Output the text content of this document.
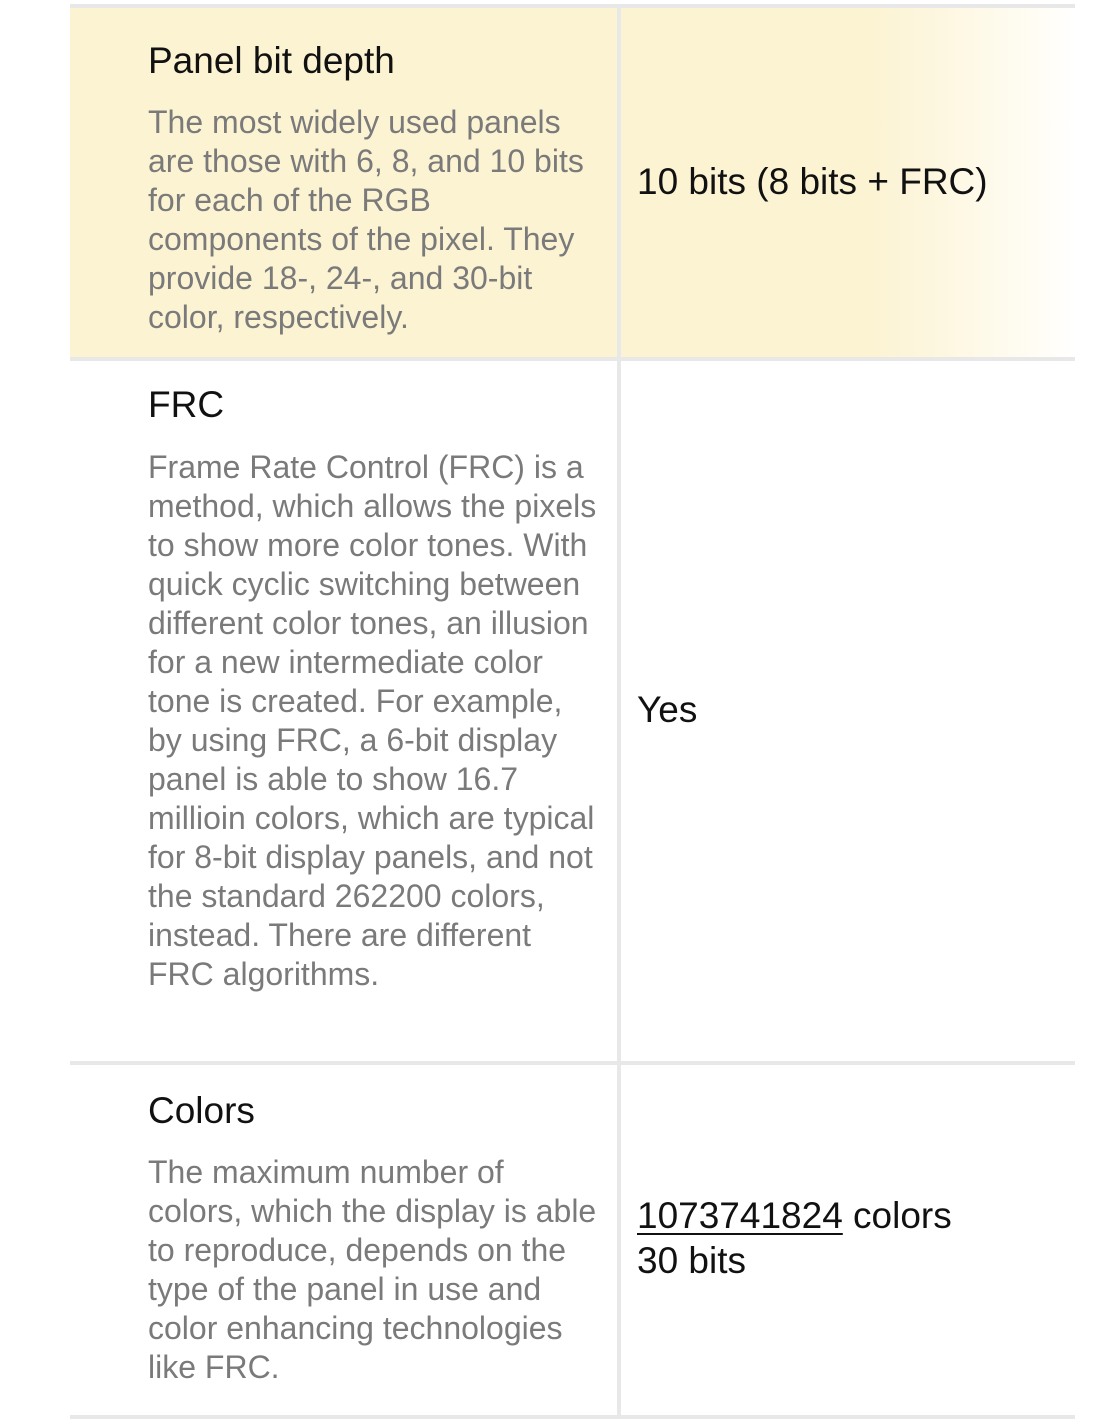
Panel bit depth

The most widely used panels are those with 6, 8, and 10 bits for each of the RGB components of the pixel. They provide 18-, 24-, and 30-bit color, respectively.

10 bits (8 bits + FRC)

FRC

Frame Rate Control (FRC) is a method, which allows the pixels to show more color tones. With quick cyclic switching between different color tones, an illusion for a new intermediate color tone is created. For example, by using FRC, a 6-bit display panel is able to show 16.7 millioin colors, which are typical for 8-bit display panels, and not the standard 262200 colors, instead. There are different FRC algorithms.

Yes

Colors

The maximum number of colors, which the display is able to reproduce, depends on the type of the panel in use and color enhancing technologies like FRC.

1073741824 colors
30 bits
